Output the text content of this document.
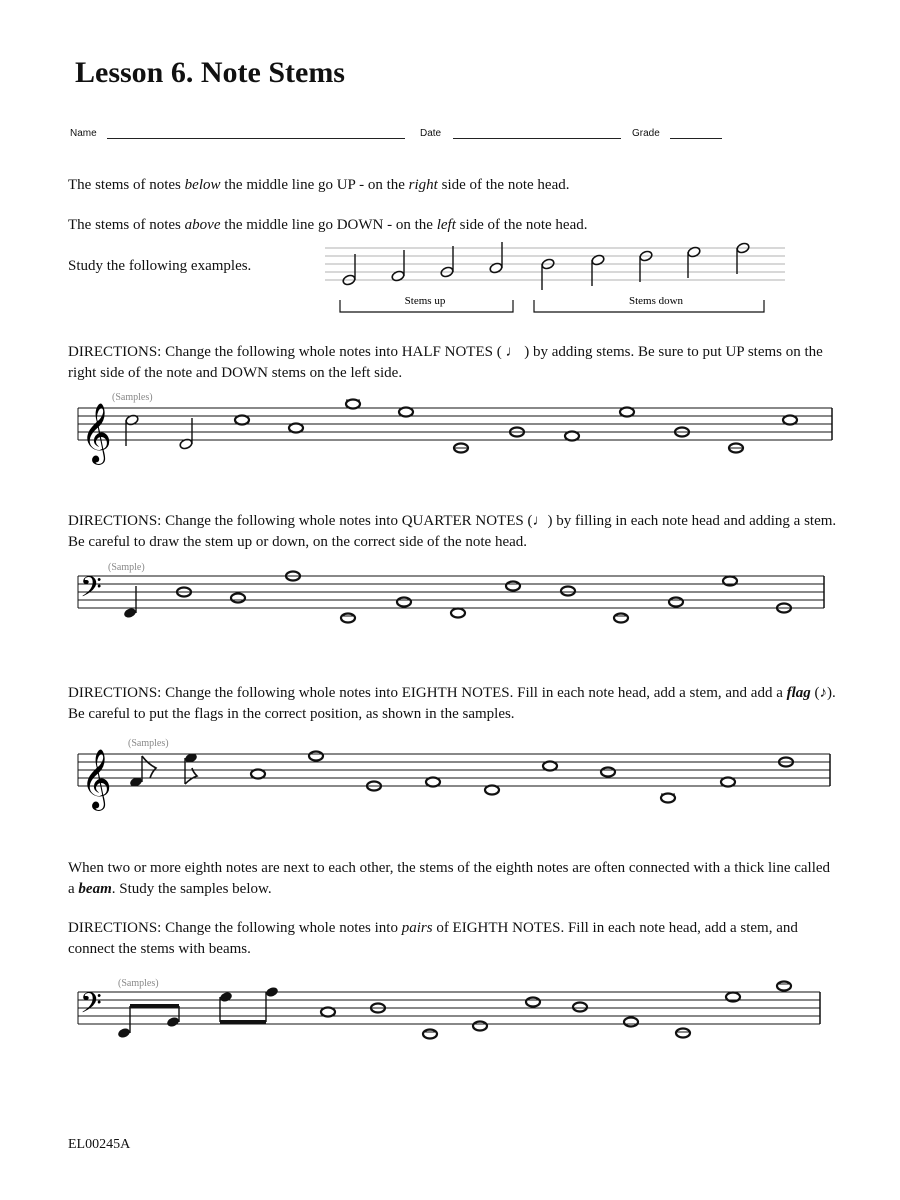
Lesson 6. Note Stems
Name	Date	Grade
The stems of notes below the middle line go UP - on the right side of the note head.
The stems of notes above the middle line go DOWN - on the left side of the note head.
Study the following examples.
Stems up	Stems down
DIRECTIONS: Change the following whole notes into HALF NOTES ( ♩ ) by adding stems. Be sure to put UP stems on the right side of the note and DOWN stems on the left side.
(Samples)
𝄞
DIRECTIONS: Change the following whole notes into QUARTER NOTES (♩) by filling in each note head and adding a stem. Be careful to draw the stem up or down, on the correct side of the note head.
(Sample)
𝄢
DIRECTIONS: Change the following whole notes into EIGHTH NOTES. Fill in each note head, add a stem, and add a flag (♪). Be careful to put the flags in the correct position, as shown in the samples.
(Samples)
𝄞
When two or more eighth notes are next to each other, the stems of the eighth notes are often connected with a thick line called a beam. Study the samples below.
DIRECTIONS: Change the following whole notes into pairs of EIGHTH NOTES. Fill in each note head, add a stem, and connect the stems with beams.
(Samples)
𝄢
EL00245A
